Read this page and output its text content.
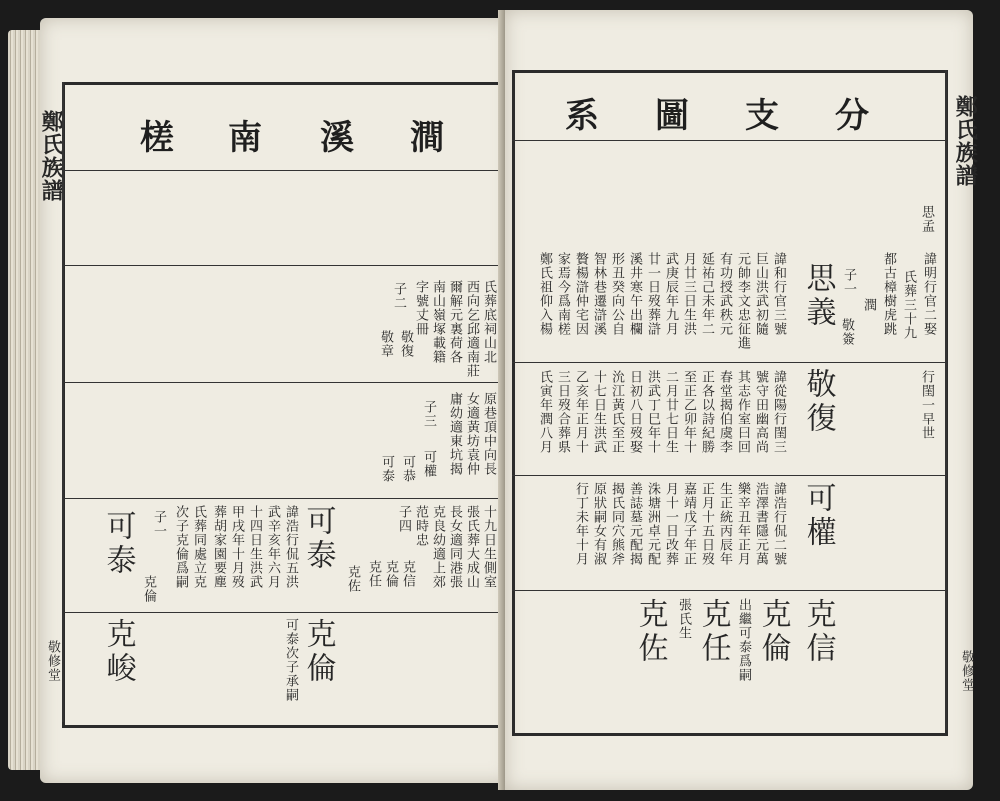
鄭氏族譜
敬修堂
槎 南 溪 澗
氏葬底祠山北
西向乞邱適南莊
爾解元裏荷各
南山嶺塚載籍
字號丈冊
子二
敬復
敬章
原巷頂中向長
女適黃坊袁仲
庸幼適東坑揭
子三
可權
可恭
可泰
十九日生側室
張氏葬大成山
長女適同港張
克良幼適上郊
范時忠
子四
克信
克倫
克任
克佐
可泰
諱浩行侃五洪
武辛亥年六月
十四日生洪武
甲戌年十月歿
葬胡家園要塵
氏葬同處立克
次子克倫爲嗣
子一
克倫
可泰
克倫
可泰次子承嗣
克峻
鄭氏族譜
敬修堂
分
支
圖
系
思孟
諱明行官二娶
氏葬三十九
都古樟樹虎跳
潤
子一
敬簽
思義
諱和行官三號
巨山洪武初隨
元帥李文忠征進
有功授武秩元
延祐己未年二
月廿三日生洪
武庚辰年九月
廿一日歿葬滸
溪井寒午出欄
形丑癸向公自
智林巷遷滸溪
贅楊滸仲宅因
家焉今爲南槎
鄭氏祖仰入楊
行閨一早世
敬復
諱從陽行閨三
號守田幽高尚
其志作室曰回
春堂揭伯虞李
正各以詩紀勝
至正乙卯年十
二月廿七日生
洪武丁巳年十
日初八日歿娶
沇江黃氏至正
十七日生洪武
乙亥年正月十
三日歿合葬県
氏寅年潤八月
可權
諱浩行侃二號
浩澤書隱元萬
樂辛丑年正月
生正統丙辰年
正月十五日歿
嘉靖戊子年正
月十一日改葬
洙塘洲卓元配
善誌墓元配揭
揭氏同穴熊斧
原狀嗣女有淑
行丁未年十月
克信
克倫
出繼可泰爲嗣
克任
張氏生
克佐
